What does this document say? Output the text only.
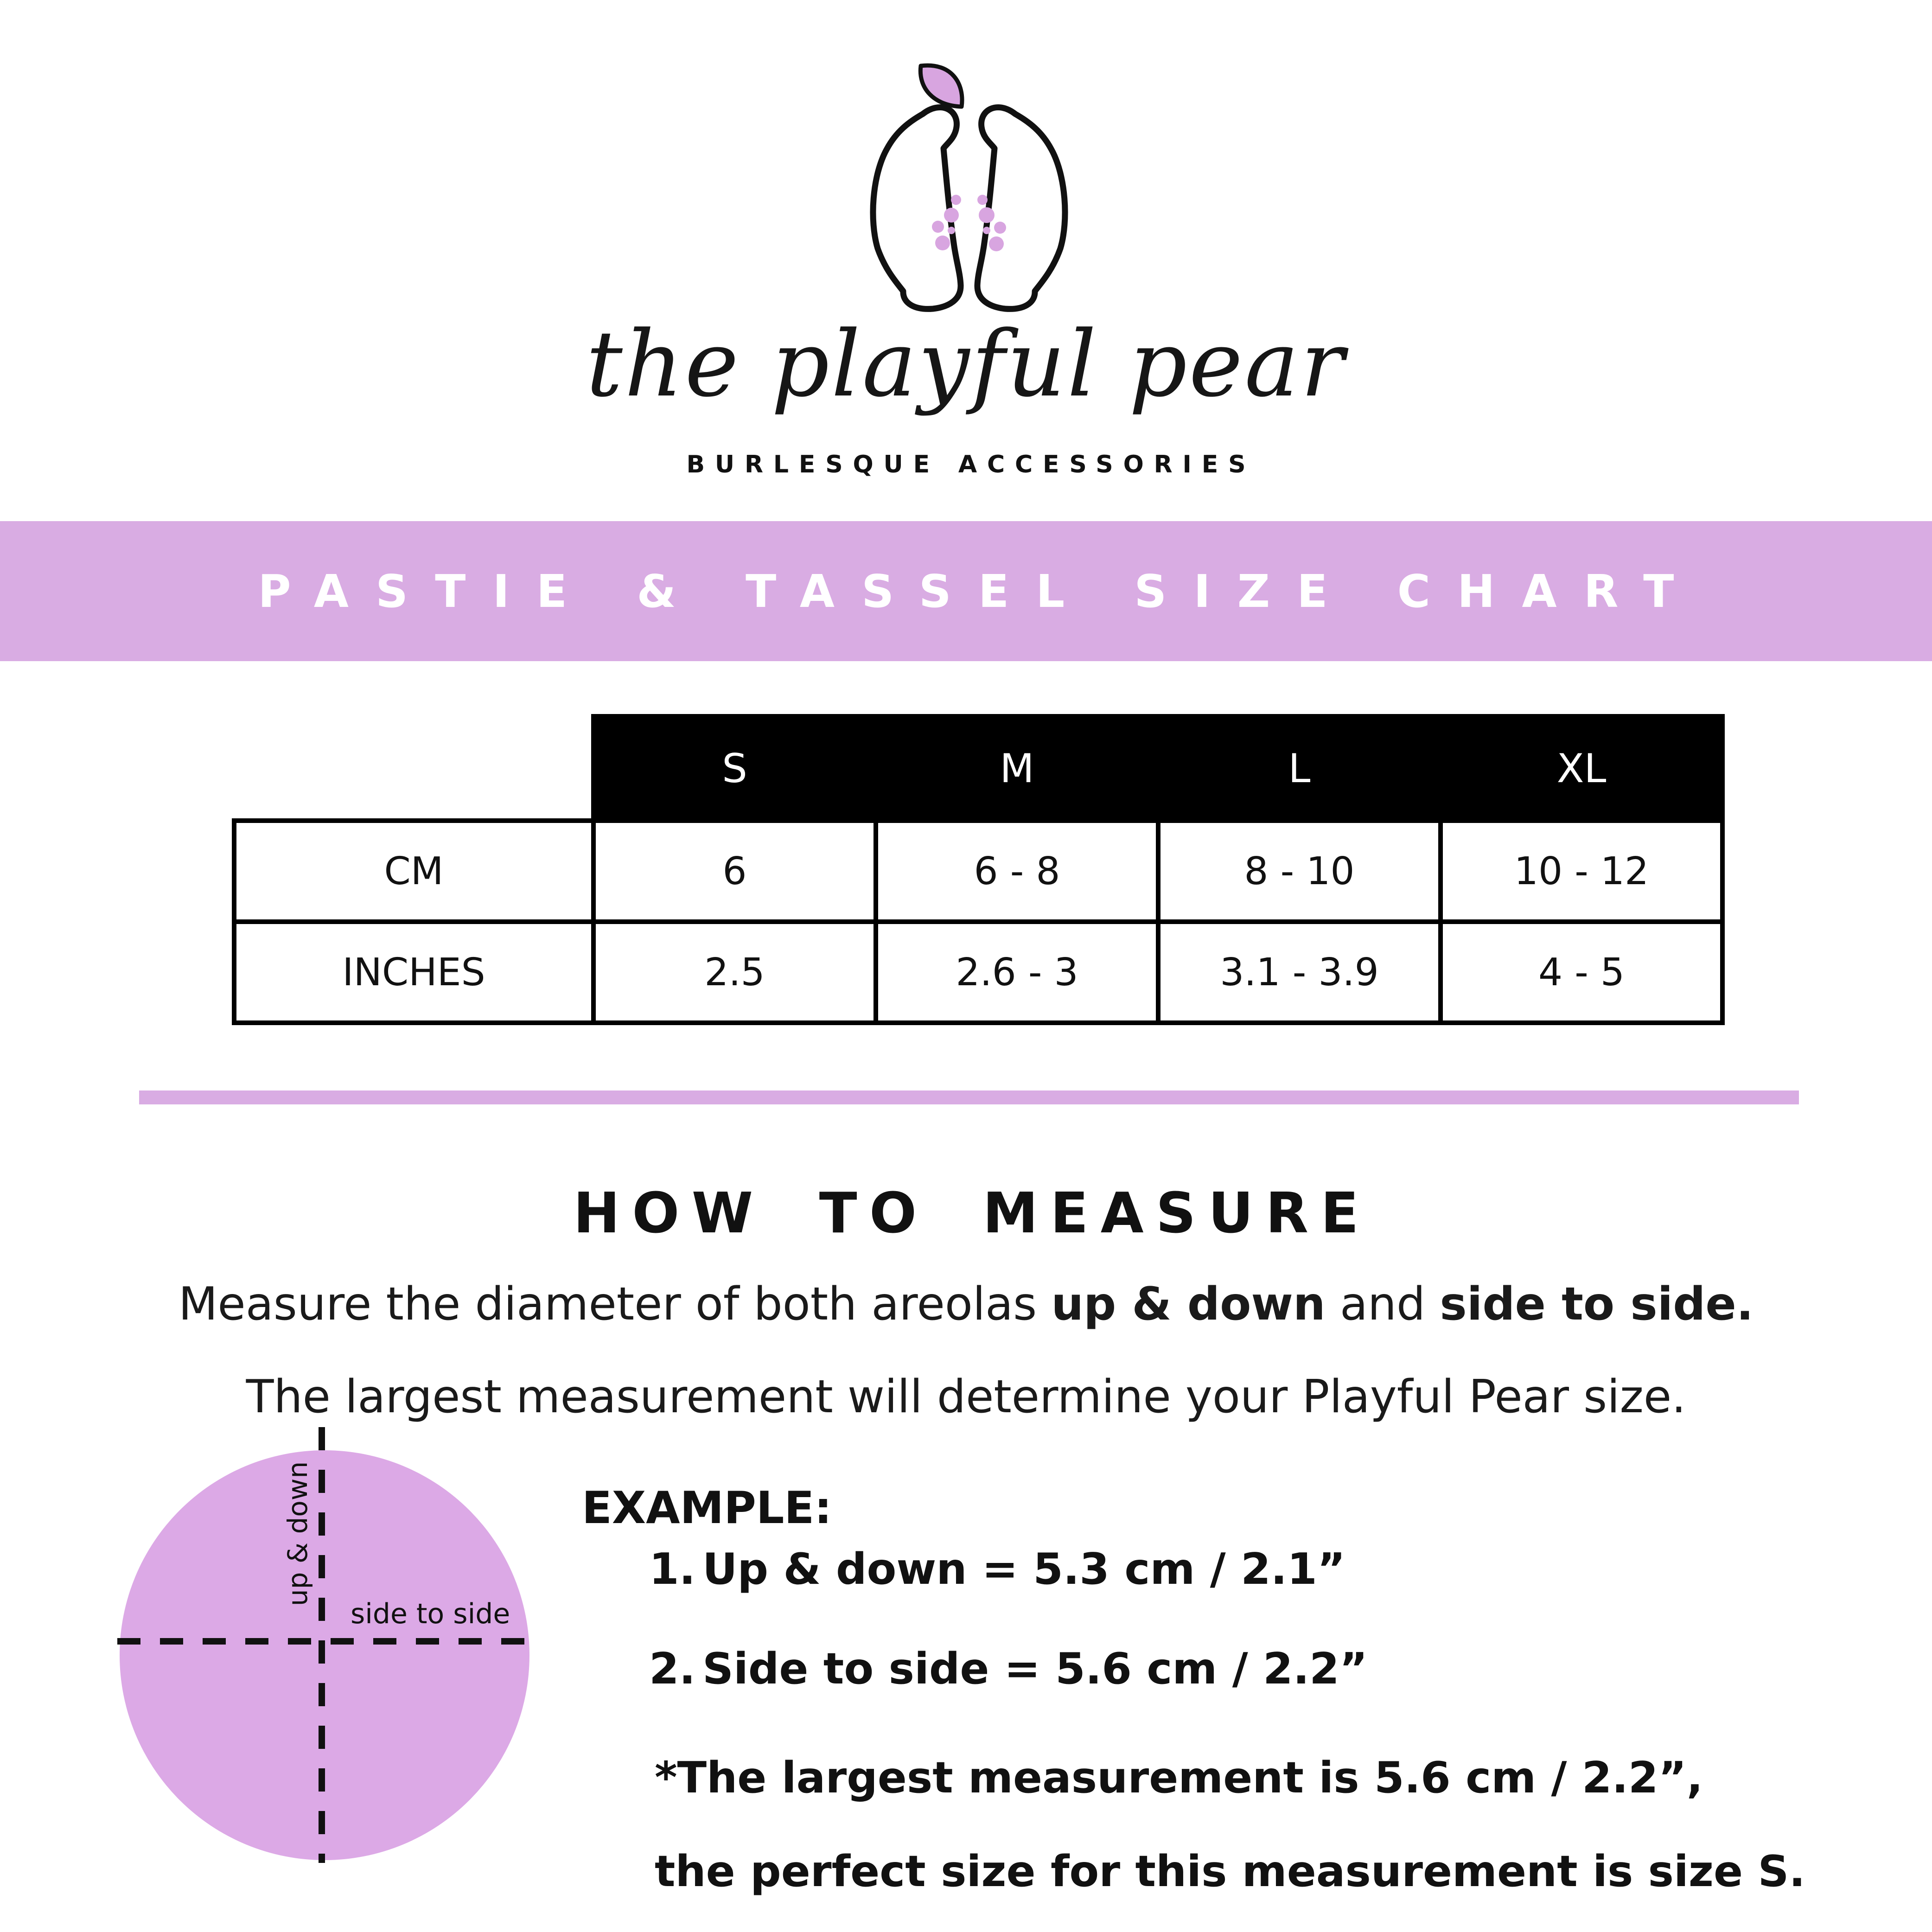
the playful pear
BURLESQUE ACCESSORIES
PASTIE & TASSEL SIZE CHART
	S	M	L	XL
CM	6	6 - 8	8 - 10	10 - 12
INCHES	2.5	2.6 - 3	3.1 - 3.9	4 - 5
HOW TO MEASURE
Measure the diameter of both areolas up & down and side to side.
The largest measurement will determine your Playful Pear size.
up & down
side to side
EXAMPLE:
1. Up & down = 5.3 cm / 2.1”
2. Side to side = 5.6 cm / 2.2”
*The largest measurement is 5.6 cm / 2.2”,
the perfect size for this measurement is size S.
